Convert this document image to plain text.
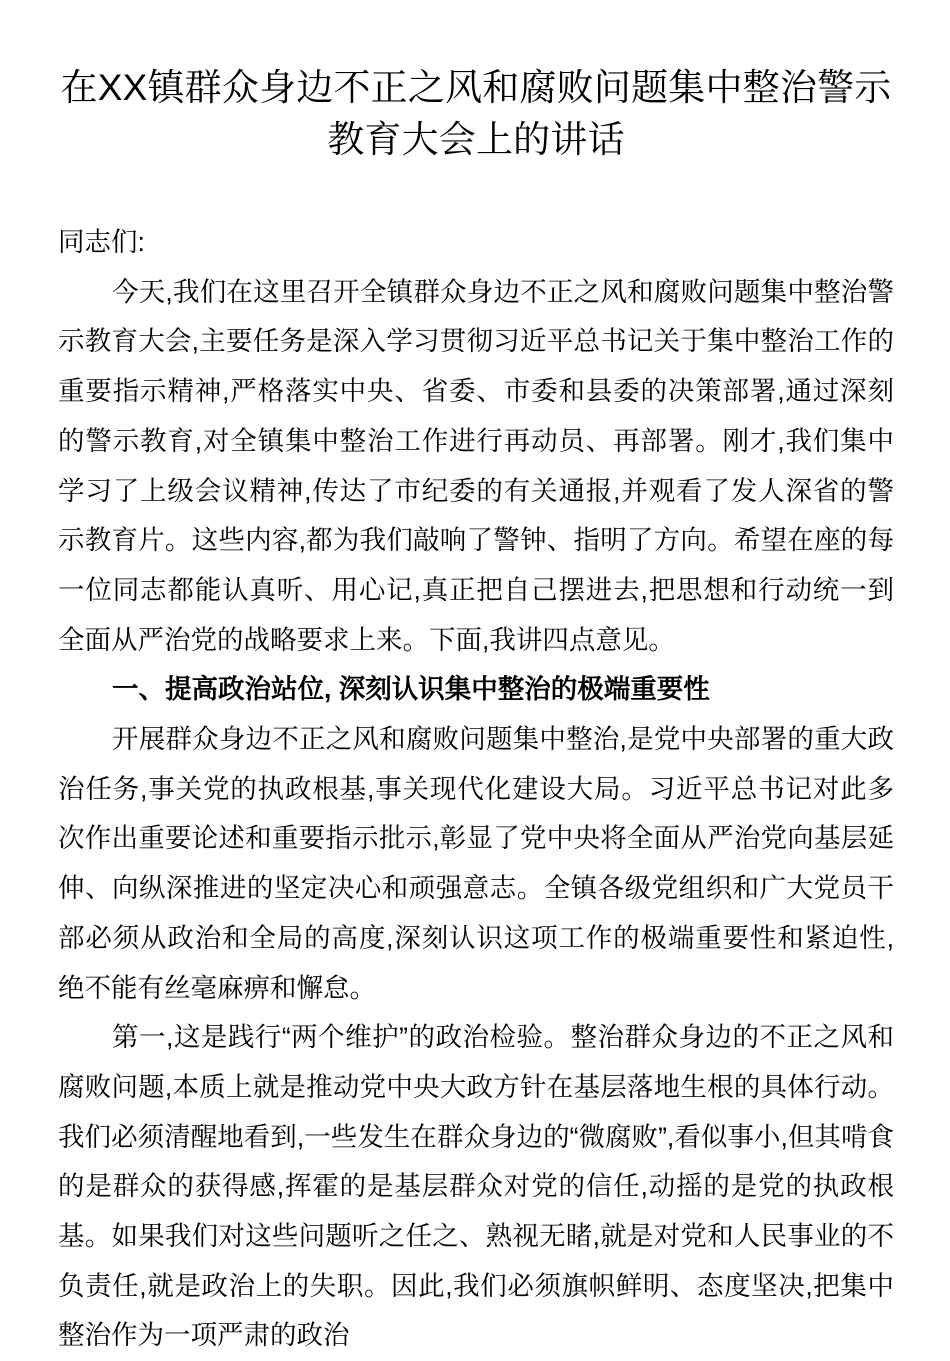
在XX镇群众身边不正之风和腐败问题集中整治警示教育大会上的讲话

同志们:

今天,我们在这里召开全镇群众身边不正之风和腐败问题集中整治警示教育大会,主要任务是深入学习贯彻习近平总书记关于集中整治工作的重要指示精神,严格落实中央、省委、市委和县委的决策部署,通过深刻的警示教育,对全镇集中整治工作进行再动员、再部署。刚才,我们集中学习了上级会议精神,传达了市纪委的有关通报,并观看了发人深省的警示教育片。这些内容,都为我们敲响了警钟、指明了方向。希望在座的每一位同志都能认真听、用心记,真正把自己摆进去,把思想和行动统一到全面从严治党的战略要求上来。下面,我讲四点意见。

一、提高政治站位, 深刻认识集中整治的极端重要性

开展群众身边不正之风和腐败问题集中整治,是党中央部署的重大政治任务,事关党的执政根基,事关现代化建设大局。习近平总书记对此多次作出重要论述和重要指示批示,彰显了党中央将全面从严治党向基层延伸、向纵深推进的坚定决心和顽强意志。全镇各级党组织和广大党员干部必须从政治和全局的高度,深刻认识这项工作的极端重要性和紧迫性,绝不能有丝毫麻痹和懈怠。

第一,这是践行“两个维护”的政治检验。整治群众身边的不正之风和腐败问题,本质上就是推动党中央大政方针在基层落地生根的具体行动。我们必须清醒地看到,一些发生在群众身边的“微腐败”,看似事小,但其啃食的是群众的获得感,挥霍的是基层群众对党的信任,动摇的是党的执政根基。如果我们对这些问题听之任之、熟视无睹,就是对党和人民事业的不负责任,就是政治上的失职。因此,我们必须旗帜鲜明、态度坚决,把集中整治作为一项严肃的政治
